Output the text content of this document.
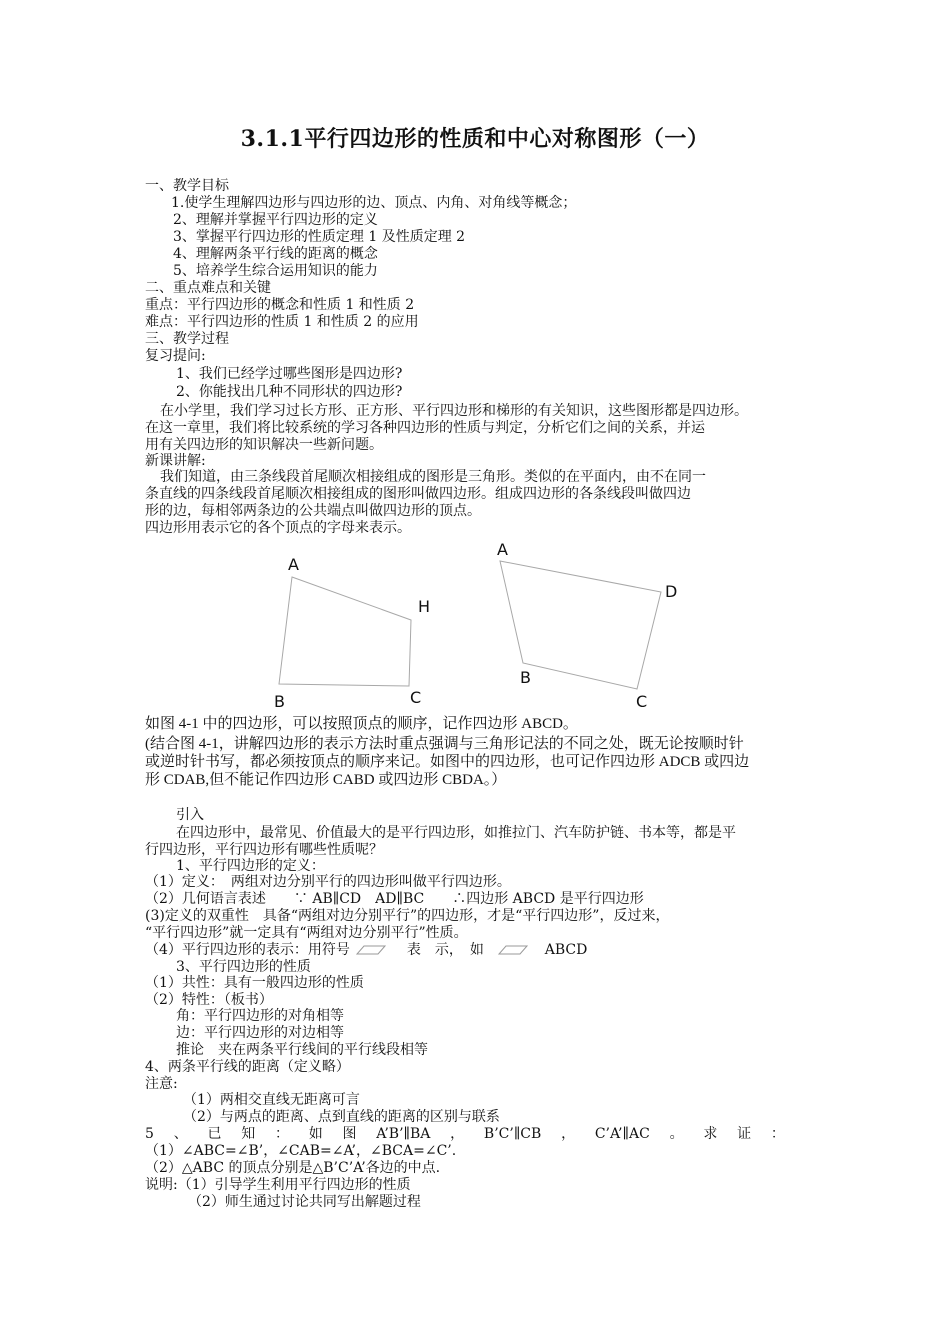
3.1.1平行四边形的性质和中心对称图形（一）
一、教学目标
1.使学生理解四边形与四边形的边、顶点、内角、对角线等概念；
2、理解并掌握平行四边形的定义
3、掌握平行四边形的性质定理 1 及性质定理 2
4、理解两条平行线的距离的概念
5、培养学生综合运用知识的能力
二、重点难点和关键
重点：平行四边形的概念和性质 1 和性质 2
难点：平行四边形的性质 1 和性质 2 的应用
三、教学过程
复习提问:
1、我们已经学过哪些图形是四边形?
2、你能找出几种不同形状的四边形?
在小学里，我们学习过长方形、正方形、平行四边形和梯形的有关知识，这些图形都是四边形。
在这一章里，我们将比较系统的学习各种四边形的性质与判定，分析它们之间的关系，并运
用有关四边形的知识解决一些新问题。
新课讲解:
我们知道，由三条线段首尾顺次相接组成的图形是三角形。类似的在平面内，由不在同一
条直线的四条线段首尾顺次相接组成的图形叫做四边形。组成四边形的各条线段叫做四边
形的边，每相邻两条边的公共端点叫做四边形的顶点。
四边形用表示它的各个顶点的字母来表示。
A
H
B	C
A
D
B
C
如图 4-1 中的四边形，可以按照顶点的顺序，记作四边形 ABCD。
(结合图 4-1，讲解四边形的表示方法时重点强调与三角形记法的不同之处，既无论按顺时针
或逆时针书写，都必须按顶点的顺序来记。如图中的四边形，也可记作四边形 ADCB 或四边
形 CDAB,但不能记作四边形 CABD 或四边形 CBDA。）
引入
在四边形中，最常见、价值最大的是平行四边形，如推拉门、汽车防护链、书本等，都是平
行四边形，平行四边形有哪些性质呢？
1、平行四边形的定义：
（1）定义：　两组对边分别平行的四边形叫做平行四边形。
（2）几何语言表述　　∵ AB∥CD　AD∥BC　　∴四边形 ABCD 是平行四边形
(3)定义的双重性　具备“两组对边分别平行”的四边形，才是“平行四边形”，反过来，
“平行四边形”就一定具有“两组对边分别平行”性质。
（4）平行四边形的表示：用符号	表　示，　如	ABCD
3、平行四边形的性质
（1）共性：具有一般四边形的性质
（2）特性：（板书）
角：平行四边形的对角相等
边：平行四边形的对边相等
推论　夹在两条平行线间的平行线段相等
4、两条平行线的距离（定义略）
注意:
（1）两相交直线无距离可言
（2）与两点的距离、点到直线的距离的区别与联系
5 、 已 知 ： 如 图 A’B’∥BA ， B’C’∥CB ， C’A’∥AC 。 求 证 ：
（1）∠ABC=∠B’，∠CAB=∠A’，∠BCA=∠C’.
（2）△ABC 的顶点分别是△B’C’A’各边的中点.
说明:（1）引导学生利用平行四边形的性质
（2）师生通过讨论共同写出解题过程
